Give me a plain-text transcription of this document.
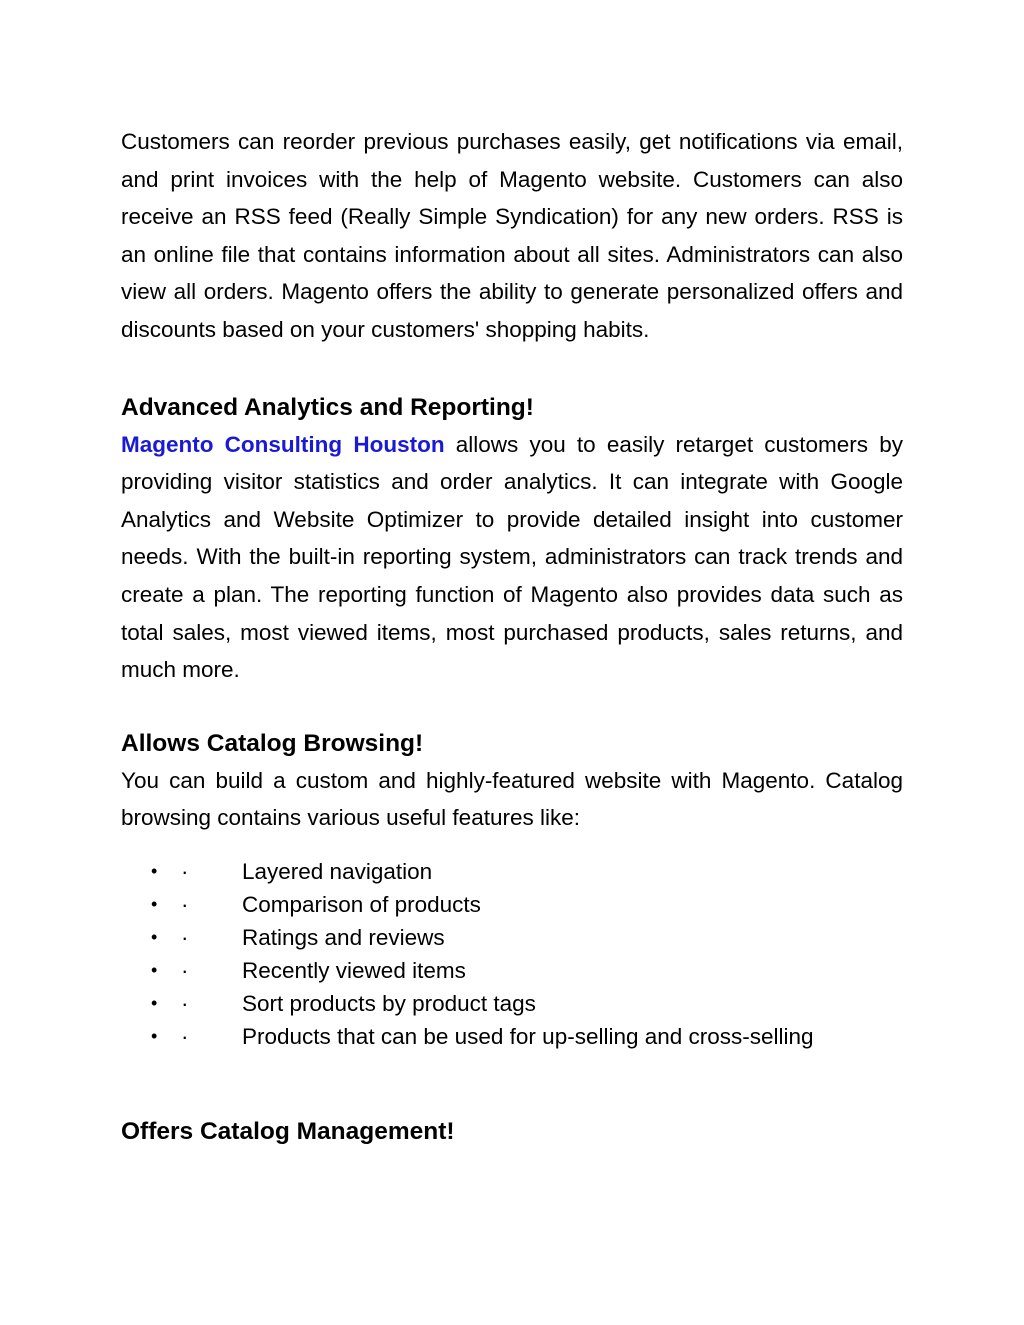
Customers can reorder previous purchases easily, get notifications via email, and print invoices with the help of Magento website. Customers can also receive an RSS feed (Really Simple Syndication) for any new orders. RSS is an online file that contains information about all sites. Administrators can also view all orders. Magento offers the ability to generate personalized offers and discounts based on your customers' shopping habits.

Advanced Analytics and Reporting!

Magento Consulting Houston allows you to easily retarget customers by providing visitor statistics and order analytics. It can integrate with Google Analytics and Website Optimizer to provide detailed insight into customer needs. With the built-in reporting system, administrators can track trends and create a plan. The reporting function of Magento also provides data such as total sales, most viewed items, most purchased products, sales returns, and much more.

Allows Catalog Browsing!

You can build a custom and highly-featured website with Magento. Catalog browsing contains various useful features like:

• · Layered navigation
• · Comparison of products
• · Ratings and reviews
• · Recently viewed items
• · Sort products by product tags
• · Products that can be used for up-selling and cross-selling
Offers Catalog Management!
